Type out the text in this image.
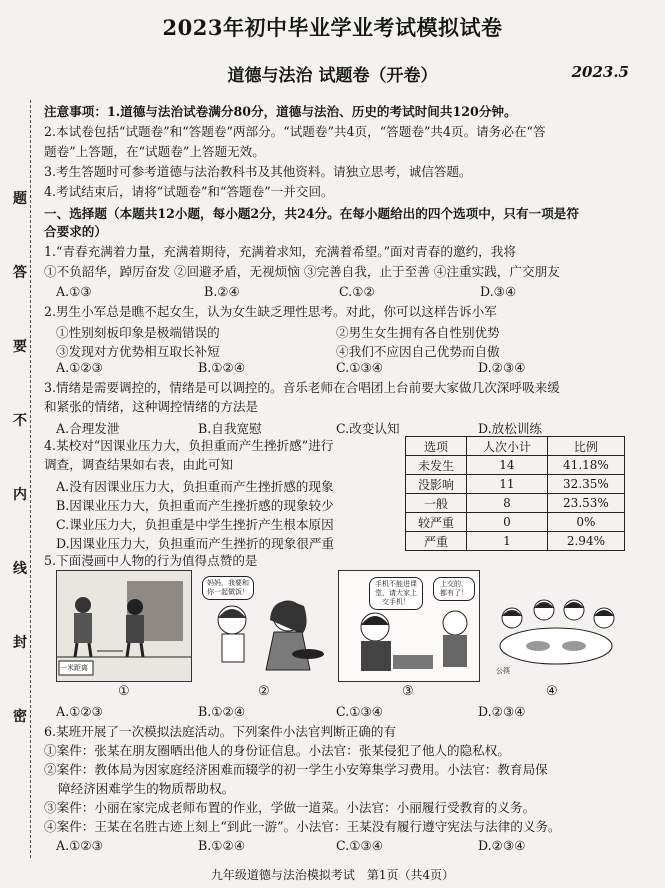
2023年初中毕业学业考试模拟试卷
道德与法治 试题卷（开卷）	2023.5
题
答
要
不
内
线
封
密
注意事项：1.道德与法治试卷满分80分，道德与法治、历史的考试时间共120分钟。
2.本试卷包括“试题卷”和“答题卷”两部分。“试题卷”共4页，“答题卷”共4页。请务必在“答
题卷”上答题，在“试题卷”上答题无效。
3.考生答题时可参考道德与法治教科书及其他资料。请独立思考，诚信答题。
4.考试结束后，请将“试题卷”和“答题卷”一并交回。
一、选择题（本题共12小题，每小题2分，共24分。在每小题给出的四个选项中，只有一项是符
合要求的）
1.“青春充满着力量，充满着期待，充满着求知，充满着希望。”面对青春的邀约，我将
①不负韶华，踔厉奋发 ②回避矛盾，无视烦恼 ③完善自我，止于至善 ④注重实践，广交朋友
A.①③	B.②④	C.①②	D.③④
2.男生小军总是瞧不起女生，认为女生缺乏理性思考。对此，你可以这样告诉小军
①性别刻板印象是极端错误的	②男生女生拥有各自性别优势
③发现对方优势相互取长补短	④我们不应因自己优势而自傲
A.①②③	B.①②④	C.①③④	D.②③④
3.情绪是需要调控的，情绪是可以调控的。音乐老师在合唱团上台前要大家做几次深呼吸来缓
和紧张的情绪，这种调控情绪的方法是
A.合理发泄	B.自我宽慰	C.改变认知	D.放松训练
4.某校对“因课业压力大，负担重而产生挫折感”进行
调查，调查结果如右表，由此可知
A.没有因课业压力大，负担重而产生挫折感的现象
B.因课业压力大，负担重而产生挫折感的现象较少
C.课业压力大，负担重是中学生挫折产生根本原因
D.因课业压力大，负担重而产生挫折的现象很严重
选项	人次小计	比例
未发生	14	41.18%
没影响	11	32.35%
一般	8	23.53%
较严重	0	0%
严重	1	2.94%
5.下面漫画中人物的行为值得点赞的是
一米距离
①
妈妈，我要和你一起做饭！
②
手机不能进课堂，请大家上交手机！
上交的，都有了！
③
公筷
④
A.①②③	B.①②④	C.①③④	D.②③④
6.某班开展了一次模拟法庭活动。下列案件小法官判断正确的有
①案件：张某在朋友圈晒出他人的身份证信息。小法官：张某侵犯了他人的隐私权。
②案件：教体局为因家庭经济困难而辍学的初一学生小安筹集学习费用。小法官：教育局保
障经济困难学生的物质帮助权。
③案件：小丽在家完成老师布置的作业，学做一道菜。小法官：小丽履行受教育的义务。
④案件：王某在名胜古迹上刻上“到此一游”。小法官：王某没有履行遵守宪法与法律的义务。
A.①②③	B.①②④	C.①③④	D.②③④
九年级道德与法治模拟考试　第1页（共4页）
